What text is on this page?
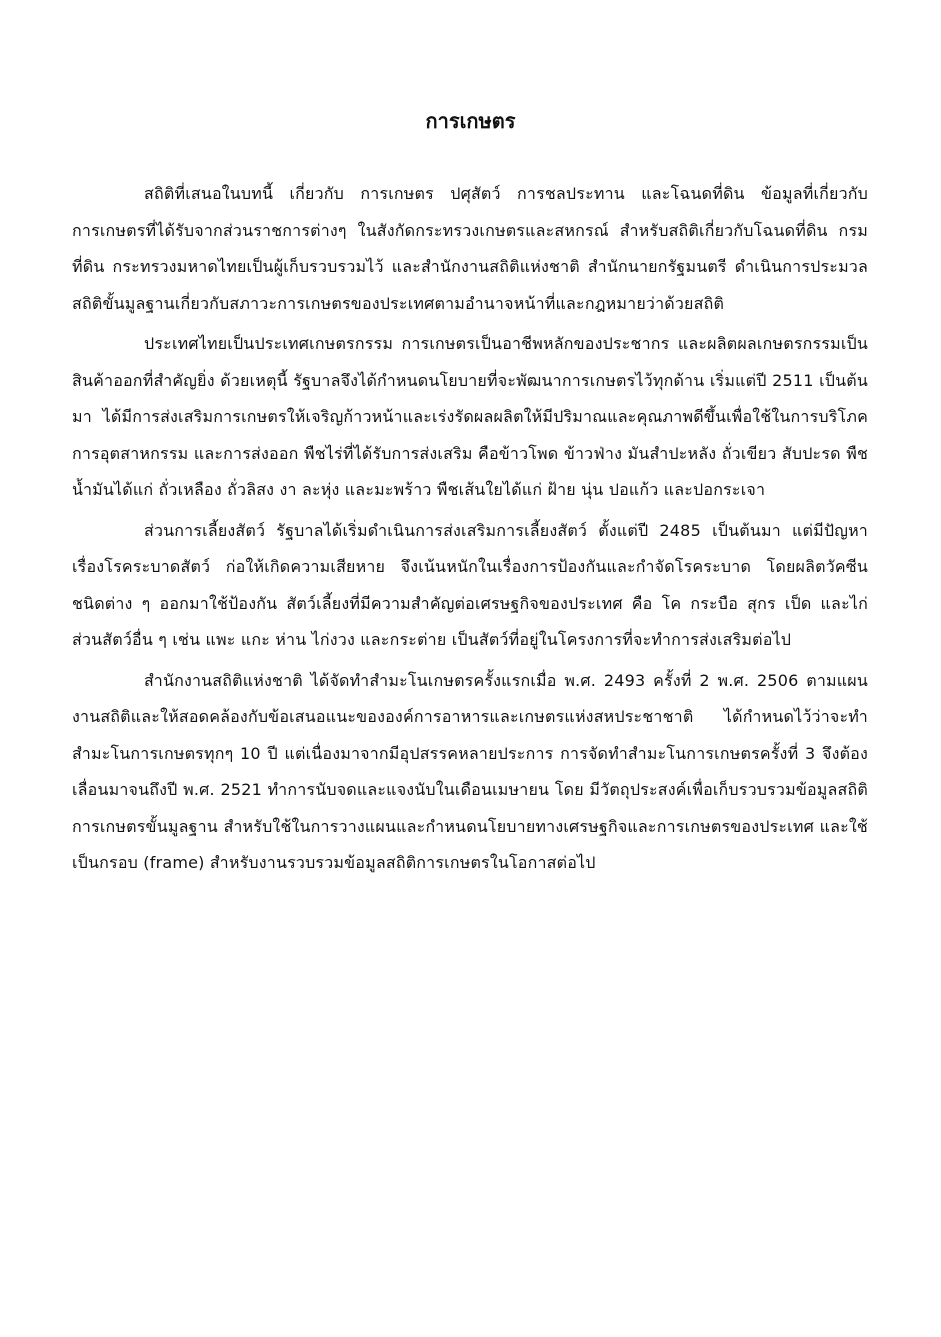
การเกษตร

สถิติที่เสนอในบทนี้ เกี่ยวกับ การเกษตร ปศุสัตว์ การชลประทาน และโฉนดที่ดิน ข้อมูลที่เกี่ยวกับการเกษตรที่ได้รับจากส่วนราชการต่างๆ ในสังกัดกระทรวงเกษตรและสหกรณ์ สำหรับสถิติเกี่ยวกับโฉนดที่ดิน กรมที่ดิน กระทรวงมหาดไทยเป็นผู้เก็บรวบรวมไว้ และสำนักงานสถิติแห่งชาติ สำนักนายกรัฐมนตรี ดำเนินการประมวลสถิติขั้นมูลฐานเกี่ยวกับสภาวะการเกษตรของประเทศตามอำนาจหน้าที่และกฎหมายว่าด้วยสถิติ

ประเทศไทยเป็นประเทศเกษตรกรรม การเกษตรเป็นอาชีพหลักของประชากร และผลิตผลเกษตรกรรมเป็นสินค้าออกที่สำคัญยิ่ง ด้วยเหตุนี้ รัฐบาลจึงได้กำหนดนโยบายที่จะพัฒนาการเกษตรไว้ทุกด้าน เริ่มแต่ปี 2511 เป็นต้นมา ได้มีการส่งเสริมการเกษตรให้เจริญก้าวหน้าและเร่งรัดผลผลิตให้มีปริมาณและคุณภาพดีขึ้นเพื่อใช้ในการบริโภค การอุตสาหกรรม และการส่งออก พืชไร่ที่ได้รับการส่งเสริม คือข้าวโพด ข้าวฟ่าง มันสำปะหลัง ถั่วเขียว สับปะรด พืชน้ำมันได้แก่ ถั่วเหลือง ถั่วลิสง งา ละหุ่ง และมะพร้าว พืชเส้นใยได้แก่ ฝ้าย นุ่น ปอแก้ว และปอกระเจา

ส่วนการเลี้ยงสัตว์ รัฐบาลได้เริ่มดำเนินการส่งเสริมการเลี้ยงสัตว์ ตั้งแต่ปี 2485 เป็นต้นมา แต่มีปัญหาเรื่องโรคระบาดสัตว์ ก่อให้เกิดความเสียหาย จึงเน้นหนักในเรื่องการป้องกันและกำจัดโรคระบาด โดยผลิตวัคซีนชนิดต่าง ๆ ออกมาใช้ป้องกัน สัตว์เลี้ยงที่มีความสำคัญต่อเศรษฐกิจของประเทศ คือ โค กระบือ สุกร เป็ด และไก่ ส่วนสัตว์อื่น ๆ เช่น แพะ แกะ ห่าน ไก่งวง และกระต่าย เป็นสัตว์ที่อยู่ในโครงการที่จะทำการส่งเสริมต่อไป

สำนักงานสถิติแห่งชาติ ได้จัดทำสำมะโนเกษตรครั้งแรกเมื่อ พ.ศ. 2493 ครั้งที่ 2 พ.ศ. 2506 ตามแผนงานสถิติและให้สอดคล้องกับข้อเสนอแนะขององค์การอาหารและเกษตรแห่งสหประชาชาติ ได้กำหนดไว้ว่าจะทำสำมะโนการเกษตรทุกๆ 10 ปี แต่เนื่องมาจากมีอุปสรรคหลายประการ การจัดทำสำมะโนการเกษตรครั้งที่ 3 จึงต้องเลื่อนมาจนถึงปี พ.ศ. 2521 ทำการนับจดและแจงนับในเดือนเมษายน โดย มีวัตถุประสงค์เพื่อเก็บรวบรวมข้อมูลสถิติการเกษตรขั้นมูลฐาน สำหรับใช้ในการวางแผนและกำหนดนโยบายทางเศรษฐกิจและการเกษตรของประเทศ และใช้เป็นกรอบ (frame) สำหรับงานรวบรวมข้อมูลสถิติการเกษตรในโอกาสต่อไป
